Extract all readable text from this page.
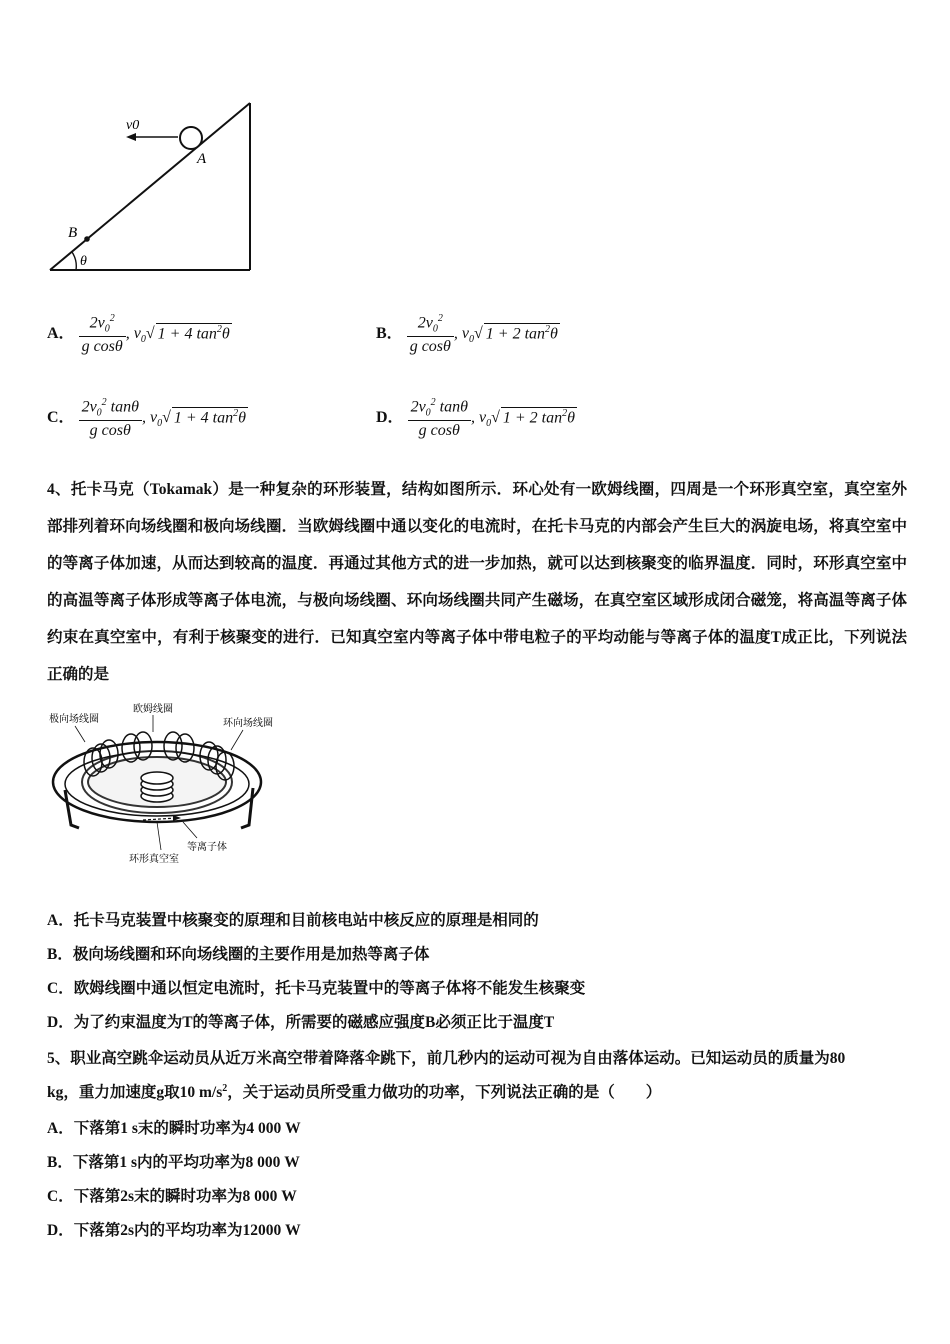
v0
A
B
θ
A． $\frac{2v_0^2}{\text{g cosθ}}$ , $v_0√$ 1 + 4 $\tan^2\theta$	B． $\frac{2v_0^2}{\text{g cosθ}}$ , $v_0√$ 1 + 2 $\tan^2\theta$
C． $\frac{2v_0^2 \tan\theta}{\text{g cosθ}}$ , $v_0√$ 1 + 4 $\tan^2\theta$	D． $\frac{2v_0^2 \tan\theta}{\text{g cosθ}}$ , $v_0√$ 1 + 2 $\tan^2\theta$
4、托卡马克（Tokamak）是一种复杂的环形装置，结构如图所示．环心处有一欧姆线圈，四周是一个环形真空室，真空室外部排列着环向场线圈和极向场线圈．当欧姆线圈中通以变化的电流时，在托卡马克的内部会产生巨大的涡旋电场，将真空室中的等离子体加速，从而达到较高的温度．再通过其他方式的进一步加热，就可以达到核聚变的临界温度．同时，环形真空室中的高温等离子体形成等离子体电流，与极向场线圈、环向场线圈共同产生磁场，在真空室区域形成闭合磁笼，将高温等离子体约束在真空室中，有利于核聚变的进行．已知真空室内等离子体中带电粒子的平均动能与等离子体的温度T成正比，下列说法正确的是
极向场线圈
欧姆线圈
环向场线圈
等离子体
环形真空室
A．托卡马克装置中核聚变的原理和目前核电站中核反应的原理是相同的
B．极向场线圈和环向场线圈的主要作用是加热等离子体
C．欧姆线圈中通以恒定电流时，托卡马克装置中的等离子体将不能发生核聚变
D．为了约束温度为T的等离子体，所需要的磁感应强度B必须正比于温度T
5、职业高空跳伞运动员从近万米高空带着降落伞跳下，前几秒内的运动可视为自由落体运动。已知运动员的质量为80
kg，重力加速度g取10 $m/s^2$，关于运动员所受重力做功的功率，下列说法正确的是（　　）
A．下落第1 s末的瞬时功率为4 000 W
B．下落第1 s内的平均功率为8 000 W
C．下落第2s末的瞬时功率为8 000 W
D．下落第2s内的平均功率为12000 W
